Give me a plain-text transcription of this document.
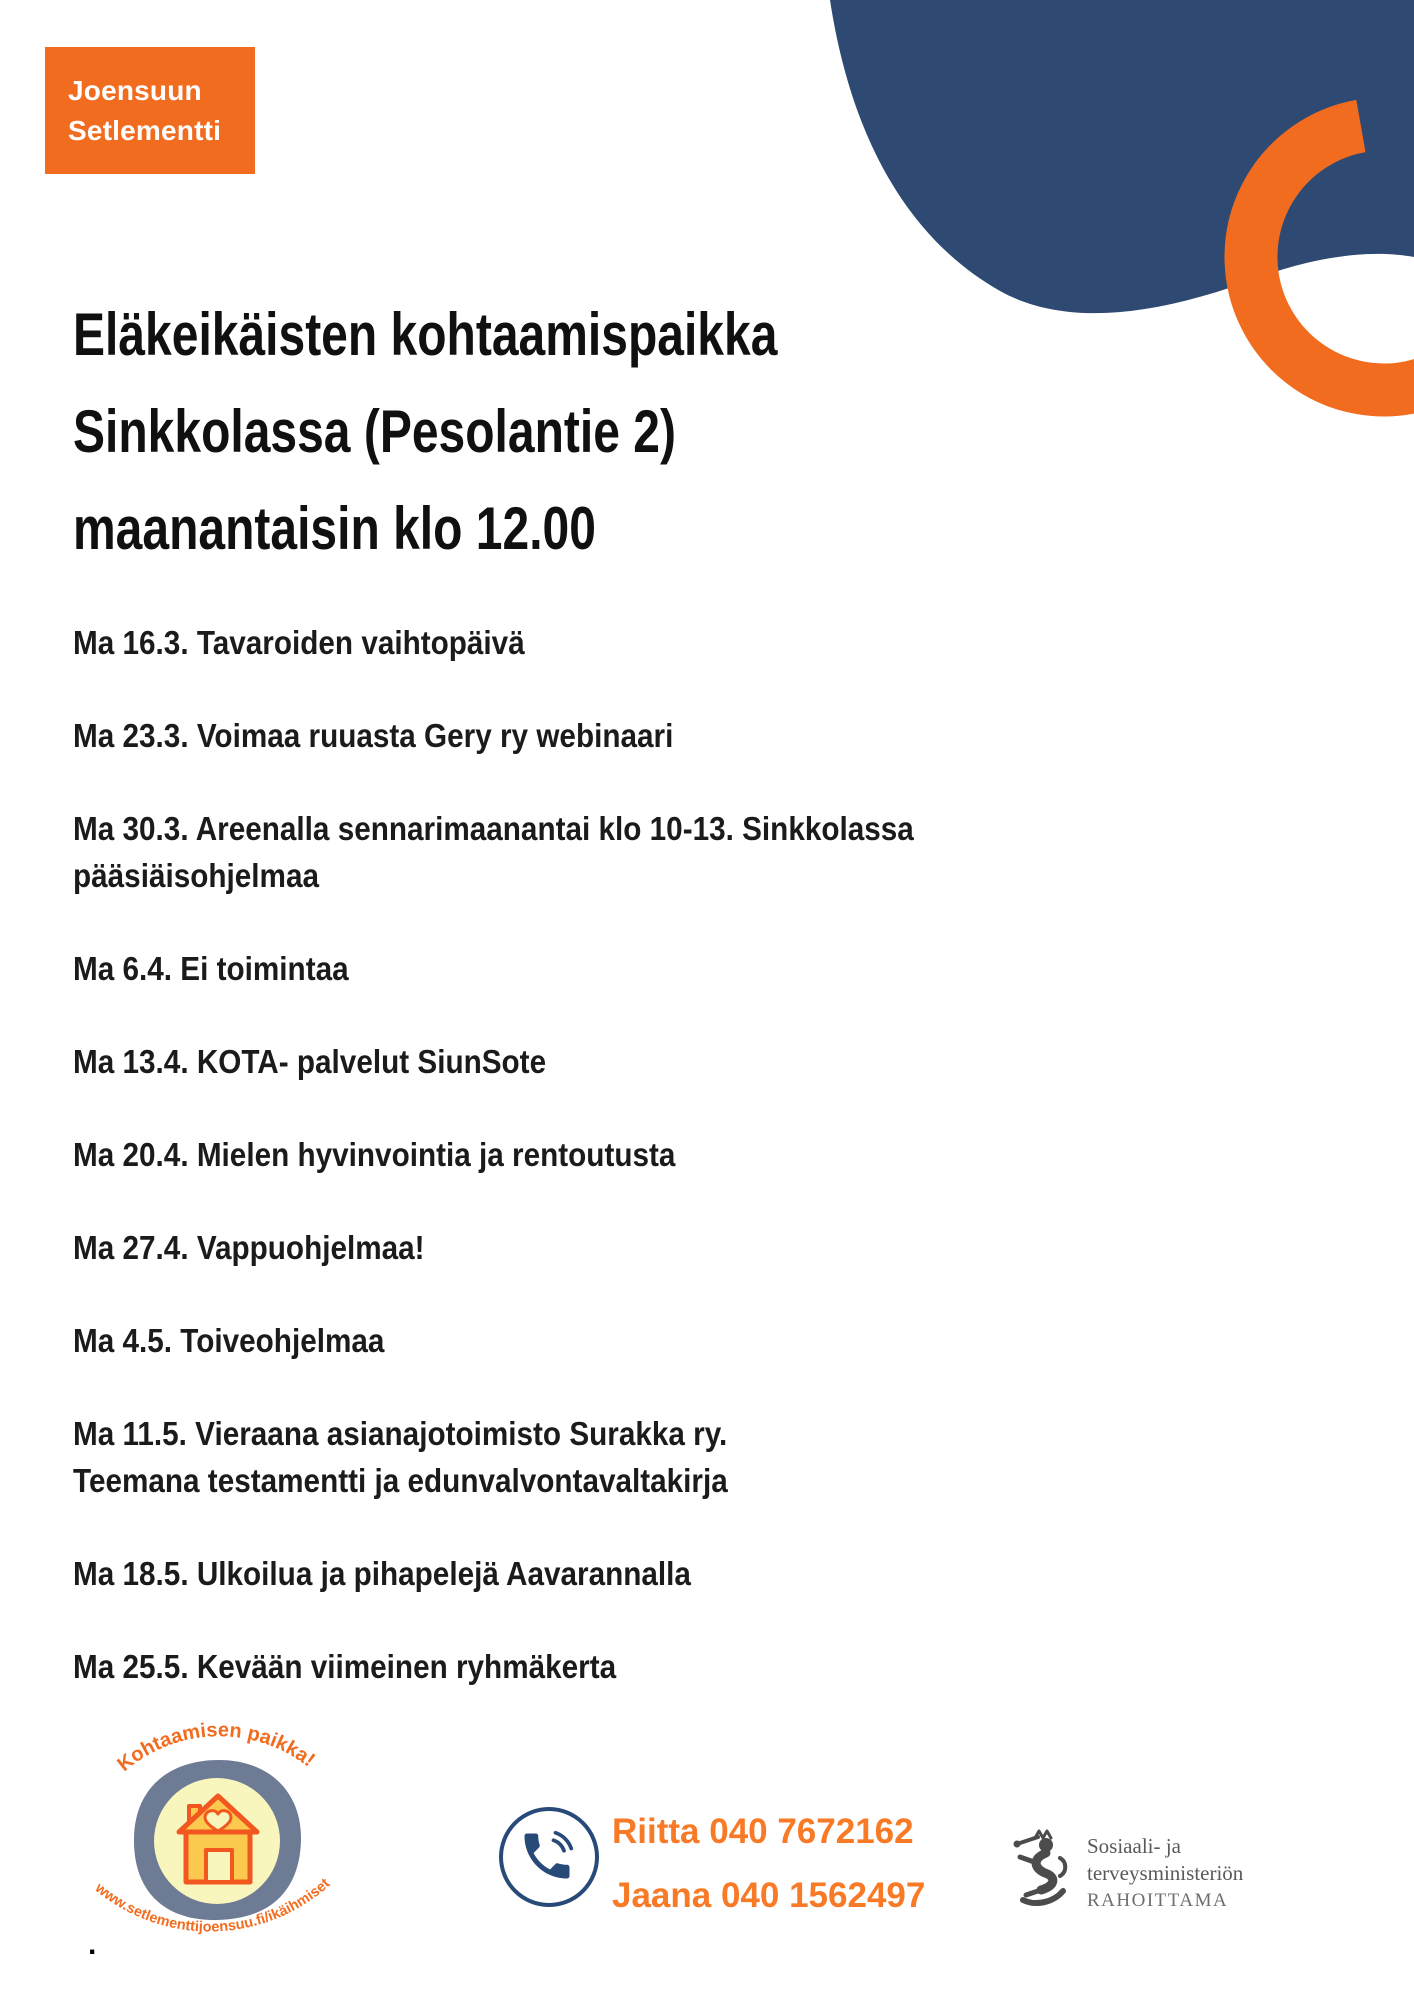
Joensuun
Setlementti
Eläkeikäisten kohtaamispaikka
Sinkkolassa (Pesolantie 2)
maanantaisin klo 12.00
Ma 16.3. Tavaroiden vaihtopäivä
Ma 23.3. Voimaa ruuasta Gery ry webinaari
Ma 30.3. Areenalla sennarimaanantai klo 10-13. Sinkkolassa
pääsiäisohjelmaa
Ma 6.4. Ei toimintaa
Ma 13.4. KOTA- palvelut SiunSote
Ma 20.4. Mielen hyvinvointia ja rentoutusta
Ma 27.4. Vappuohjelmaa!
Ma 4.5. Toiveohjelmaa
Ma 11.5. Vieraana asianajotoimisto Surakka ry.
Teemana testamentti ja edunvalvontavaltakirja
Ma 18.5. Ulkoilua ja pihapelejä Aavarannalla
Ma 25.5. Kevään viimeinen ryhmäkerta
Kohtaamisen paikka!
www.setlementtijoensuu.fi/ikäihmiset
Riitta 040 7672162
Jaana 040 1562497
Sosiaali- ja
terveysministeriön
RAHOITTAMA
.
